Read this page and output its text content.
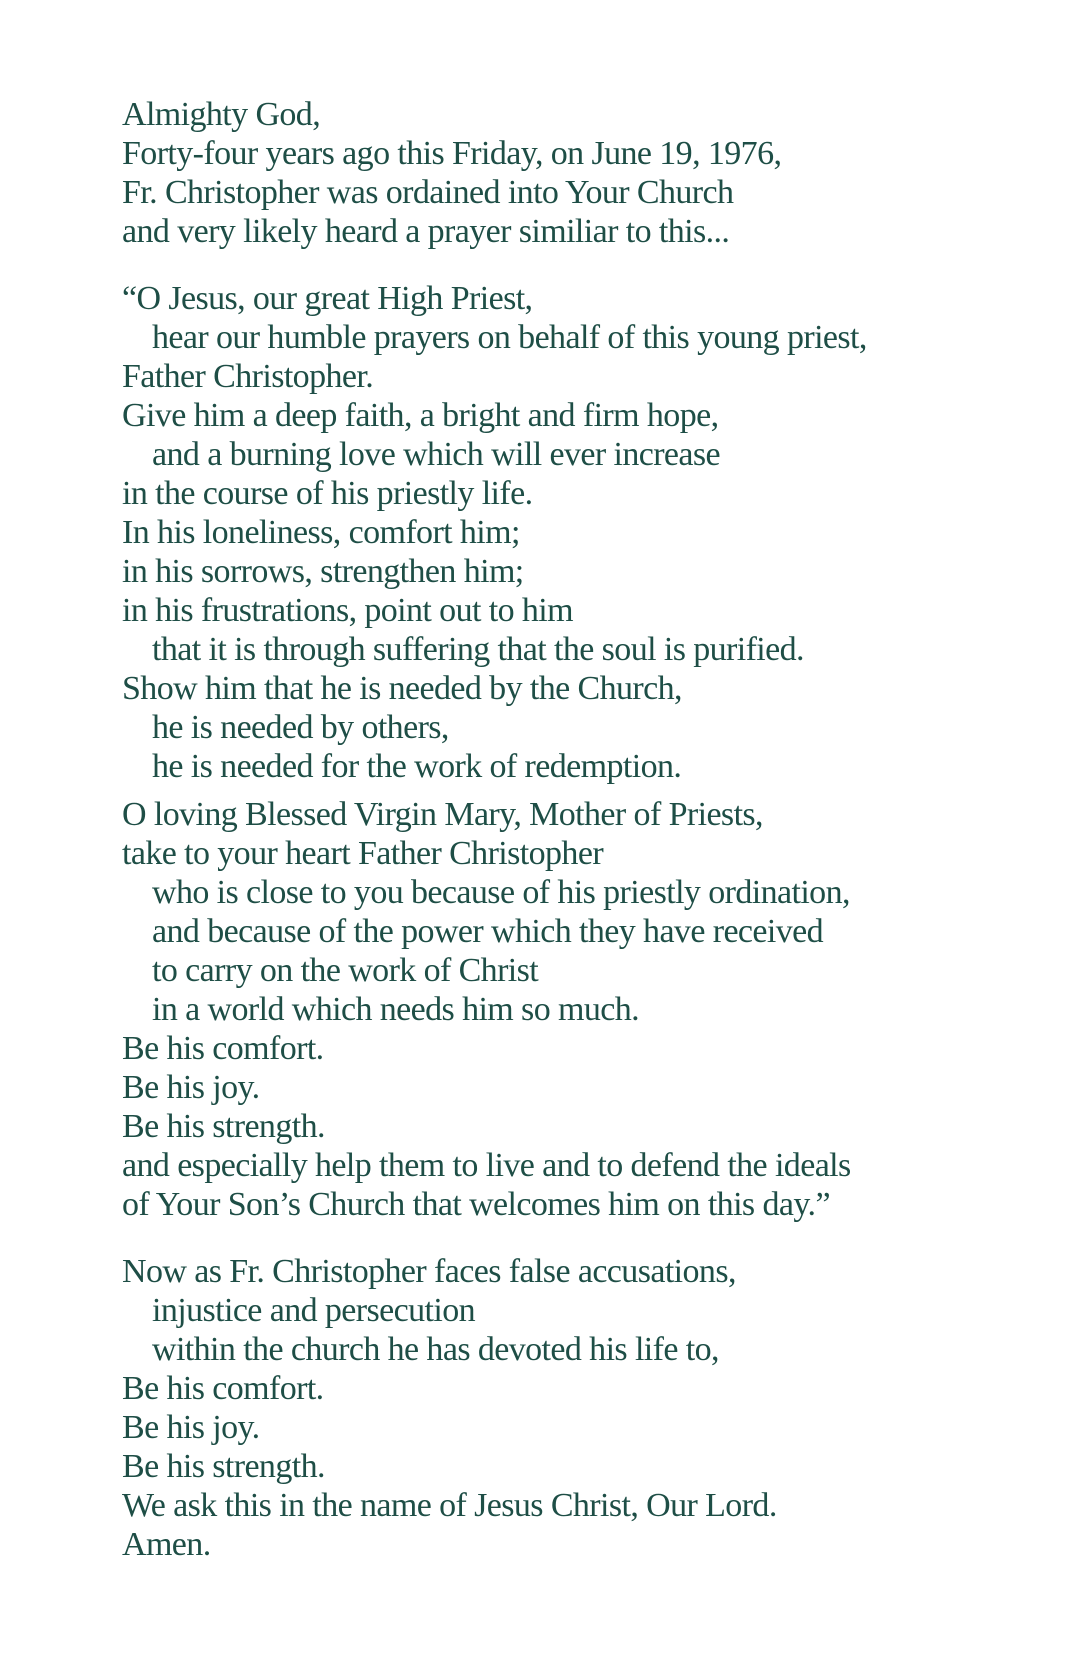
Almighty God,
Forty-four years ago this Friday, on June 19, 1976,
Fr. Christopher was ordained into Your Church
and very likely heard a prayer similiar to this...
“O Jesus, our great High Priest,
hear our humble prayers on behalf of this young priest,
Father Christopher.
Give him a deep faith, a bright and firm hope,
and a burning love which will ever increase
in the course of his priestly life.
In his loneliness, comfort him;
in his sorrows, strengthen him;
in his frustrations, point out to him
that it is through suffering that the soul is purified.
Show him that he is needed by the Church,
he is needed by others,
he is needed for the work of redemption.
O loving Blessed Virgin Mary, Mother of Priests,
take to your heart Father Christopher
who is close to you because of his priestly ordination,
and because of the power which they have received
to carry on the work of Christ
in a world which needs him so much.
Be his comfort.
Be his joy.
Be his strength.
and especially help them to live and to defend the ideals
of Your Son’s Church that welcomes him on this day.”
Now as Fr. Christopher faces false accusations,
injustice and persecution
within the church he has devoted his life to,
Be his comfort.
Be his joy.
Be his strength.
We ask this in the name of Jesus Christ, Our Lord.
Amen.
